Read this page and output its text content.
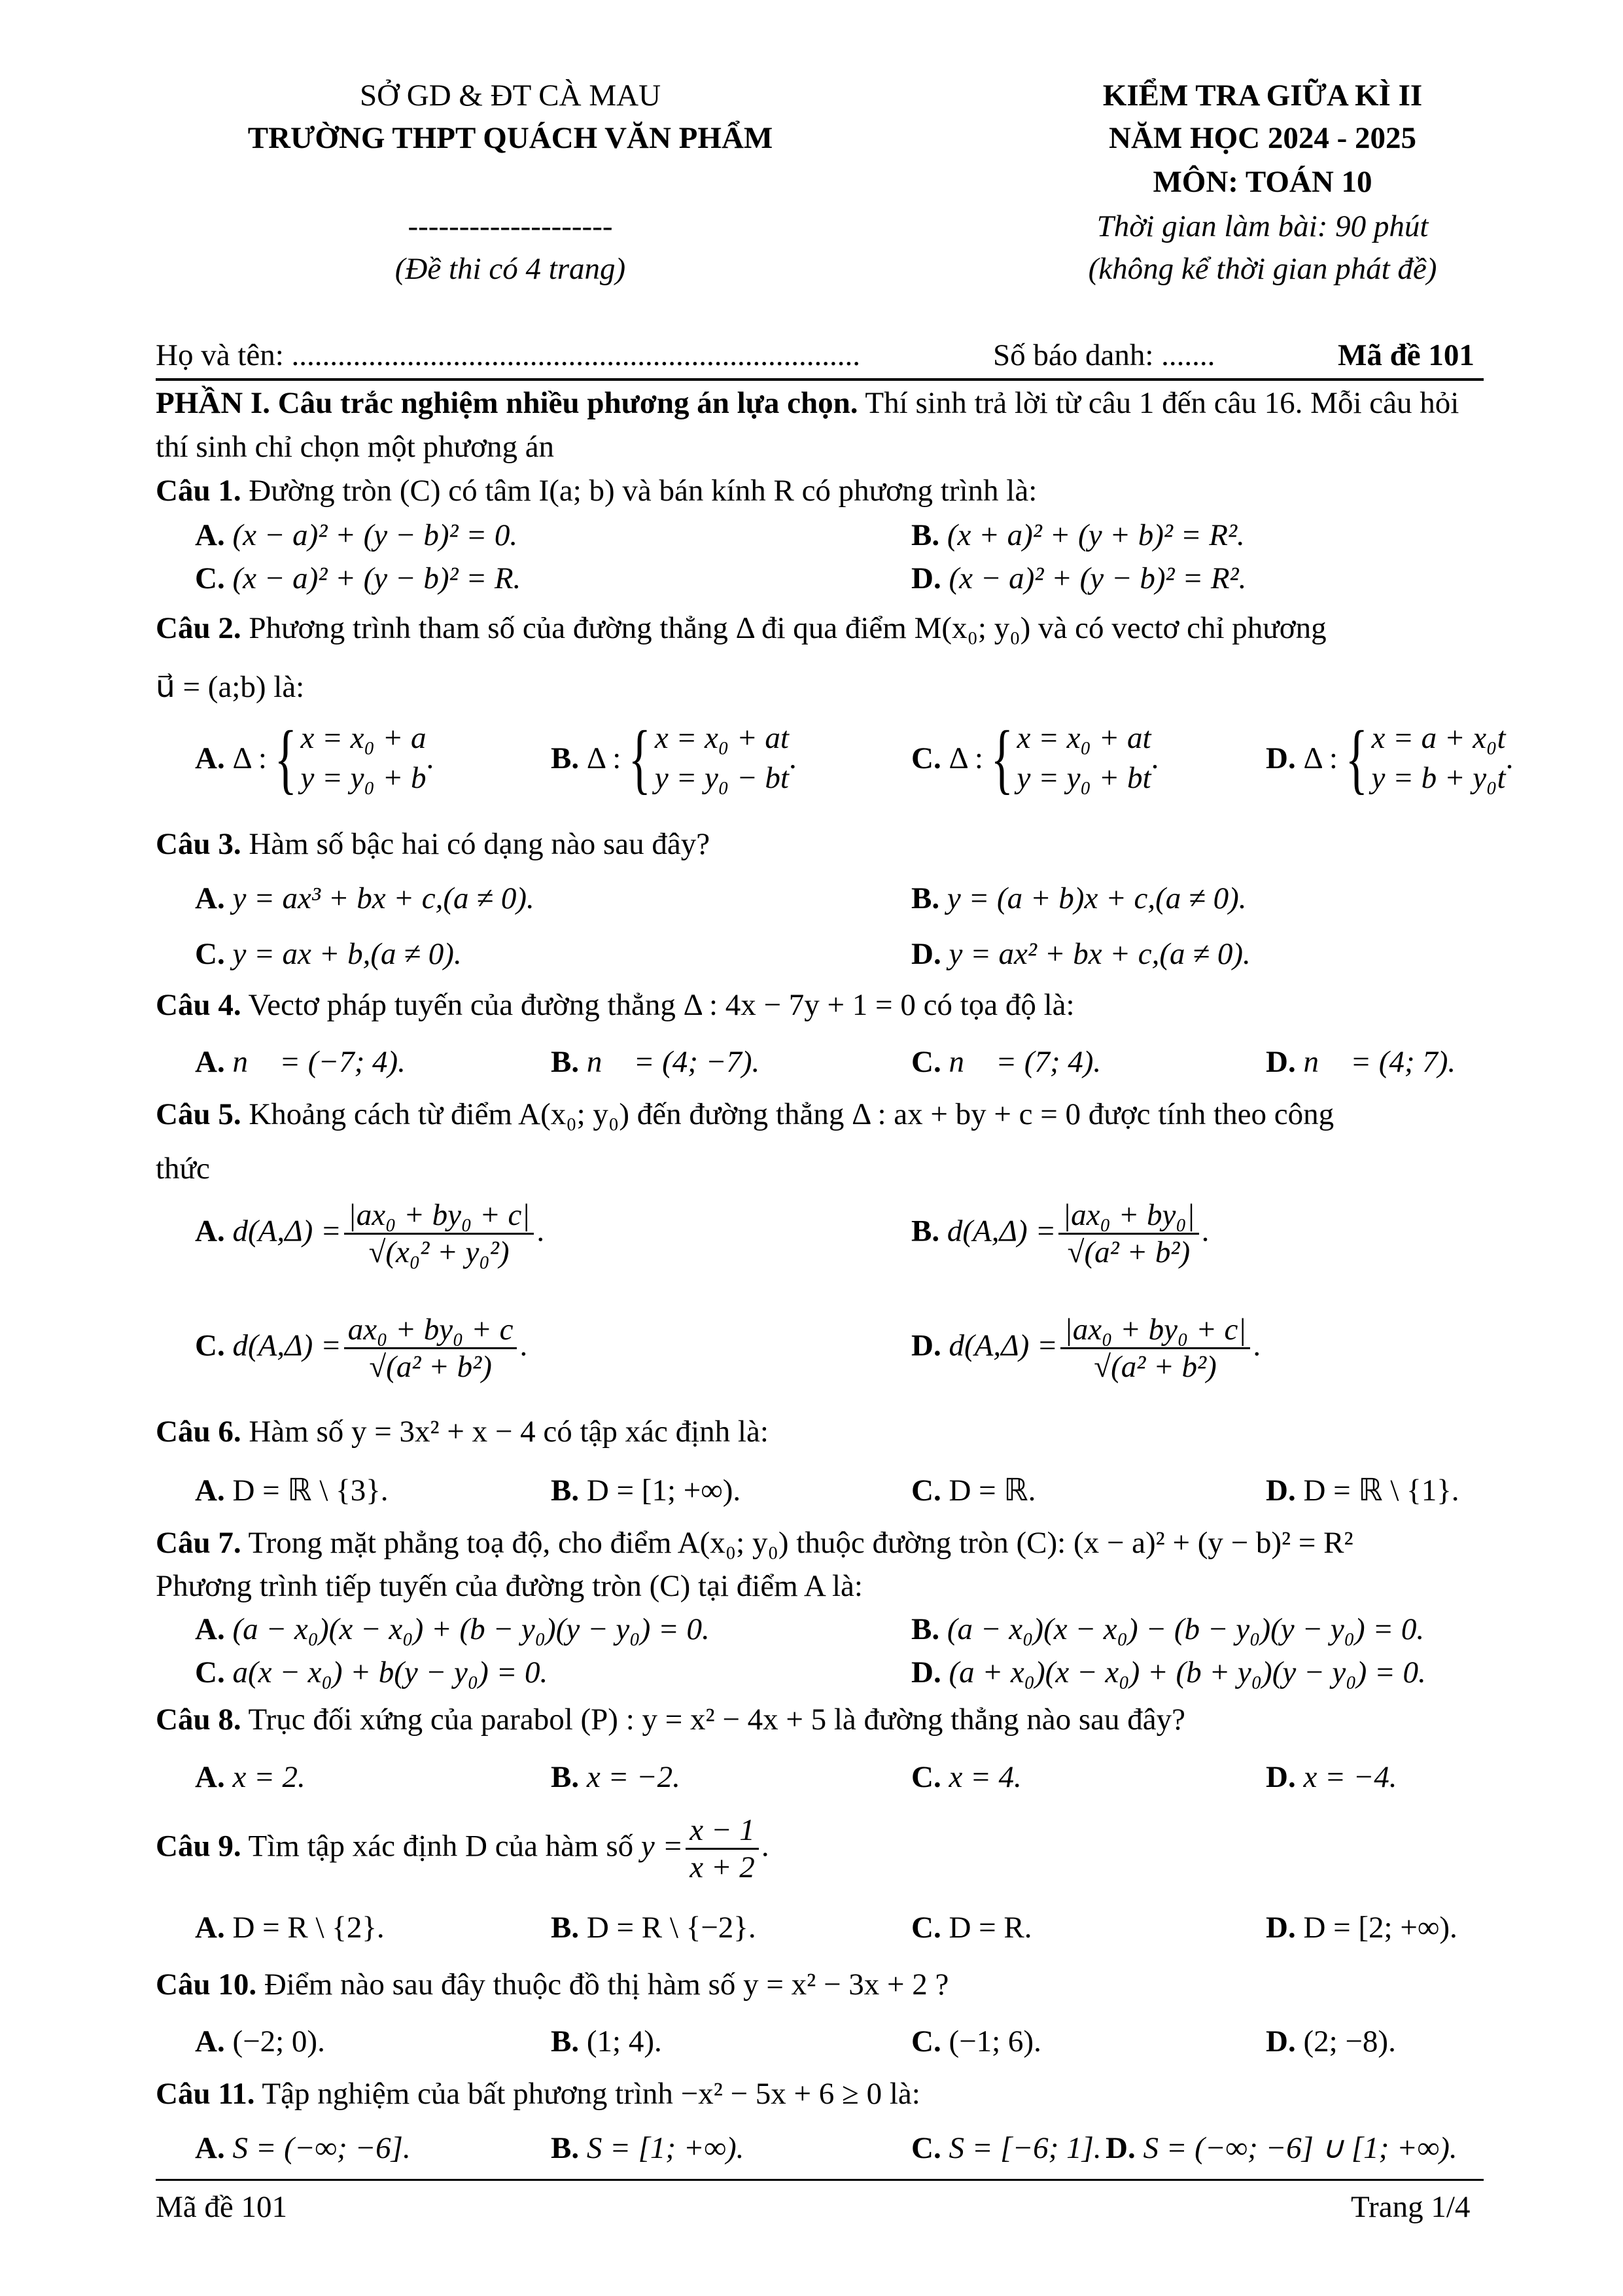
SỞ GD & ĐT CÀ MAU
TRƯỜNG THPT QUÁCH VĂN PHẨM
--------------------
(Đề thi có 4 trang)
KIỂM TRA GIỮA KÌ II
NĂM HỌC 2024 - 2025
MÔN: TOÁN 10
Thời gian làm bài: 90 phút
(không kể thời gian phát đề)
Họ và tên: ..........................................................................	Số báo danh: .......	Mã đề 101
PHẦN I. Câu trắc nghiệm nhiều phương án lựa chọn. Thí sinh trả lời từ câu 1 đến câu 16. Mỗi câu hỏi
thí sinh chỉ chọn một phương án
Câu 1. Đường tròn (C) có tâm I(a; b) và bán kính R có phương trình là:
A. (x − a)² + (y − b)² = 0.	B. (x + a)² + (y + b)² = R².
C. (x − a)² + (y − b)² = R.	D. (x − a)² + (y − b)² = R².
Câu 2. Phương trình tham số của đường thẳng Δ đi qua điểm M(x₀; y₀) và có vectơ chỉ phương
u⃗ = (a;b) là:
A. Δ : { x = x₀ + a
y = y₀ + b
.	B. Δ : { x = x₀ + at
y = y₀ − bt
.	C. Δ : { x = x₀ + at
y = y₀ + bt
.	D. Δ : { x = a + x₀t
y = b + y₀t
.
Câu 3. Hàm số bậc hai có dạng nào sau đây?
A. y = ax³ + bx + c,(a ≠ 0).	B. y = (a + b)x + c,(a ≠ 0).
C. y = ax + b,(a ≠ 0).	D. y = ax² + bx + c,(a ≠ 0).
Câu 4. Vectơ pháp tuyến của đường thẳng Δ : 4x − 7y + 1 = 0 có tọa độ là:
A. n⃗ = (−7; 4).	B. n⃗ = (4; −7).	C. n⃗ = (7; 4).	D. n⃗ = (4; 7).
Câu 5. Khoảng cách từ điểm A(x₀; y₀) đến đường thẳng Δ : ax + by + c = 0 được tính theo công
thức
A. $d(A,\Delta) = \frac{\text{|ax₀ + by₀ + c|}}{\text{√(x₀² + y₀²)}}$ .	B. $d(A,\Delta) = \frac{\text{|ax₀ + by₀|}}{\text{√(a² + b²)}}$ .
C. $d(A,\Delta) = \frac{\text{ax₀ + by₀ + c}}{\text{√(a² + b²)}}$ .	D. $d(A,\Delta) = \frac{\text{|ax₀ + by₀ + c|}}{\text{√(a² + b²)}}$ .
Câu 6. Hàm số y = 3x² + x − 4 có tập xác định là:
A. D = ℝ \ {3}.	B. D = [1; +∞).	C. D = ℝ.	D. D = ℝ \ {1}.
Câu 7. Trong mặt phẳng toạ độ, cho điểm A(x₀; y₀) thuộc đường tròn (C): (x − a)² + (y − b)² = R²
Phương trình tiếp tuyến của đường tròn (C) tại điểm A là:
A. (a − x₀)(x − x₀) + (b − y₀)(y − y₀) = 0.	B. (a − x₀)(x − x₀) − (b − y₀)(y − y₀) = 0.
C. a(x − x₀) + b(y − y₀) = 0.	D. (a + x₀)(x − x₀) + (b + y₀)(y − y₀) = 0.
Câu 8. Trục đối xứng của parabol (P) : y = x² − 4x + 5 là đường thẳng nào sau đây?
A. x = 2.	B. x = −2.	C. x = 4.	D. x = −4.
Câu 9. Tìm tập xác định D của hàm số $y = \frac{x - 1}{x + 2}$ .
A. D = R \ {2}.	B. D = R \ {−2}.	C. D = R.	D. D = [2; +∞).
Câu 10. Điểm nào sau đây thuộc đồ thị hàm số y = x² − 3x + 2 ?
A. (−2; 0).	B. (1; 4).	C. (−1; 6).	D. (2; −8).
Câu 11. Tập nghiệm của bất phương trình −x² − 5x + 6 ≥ 0 là:
A. S = (−∞; −6].	B. S = [1; +∞).	C. S = [−6; 1]. D. S = (−∞; −6] ∪ [1; +∞).
Mã đề 101	Trang 1/4
